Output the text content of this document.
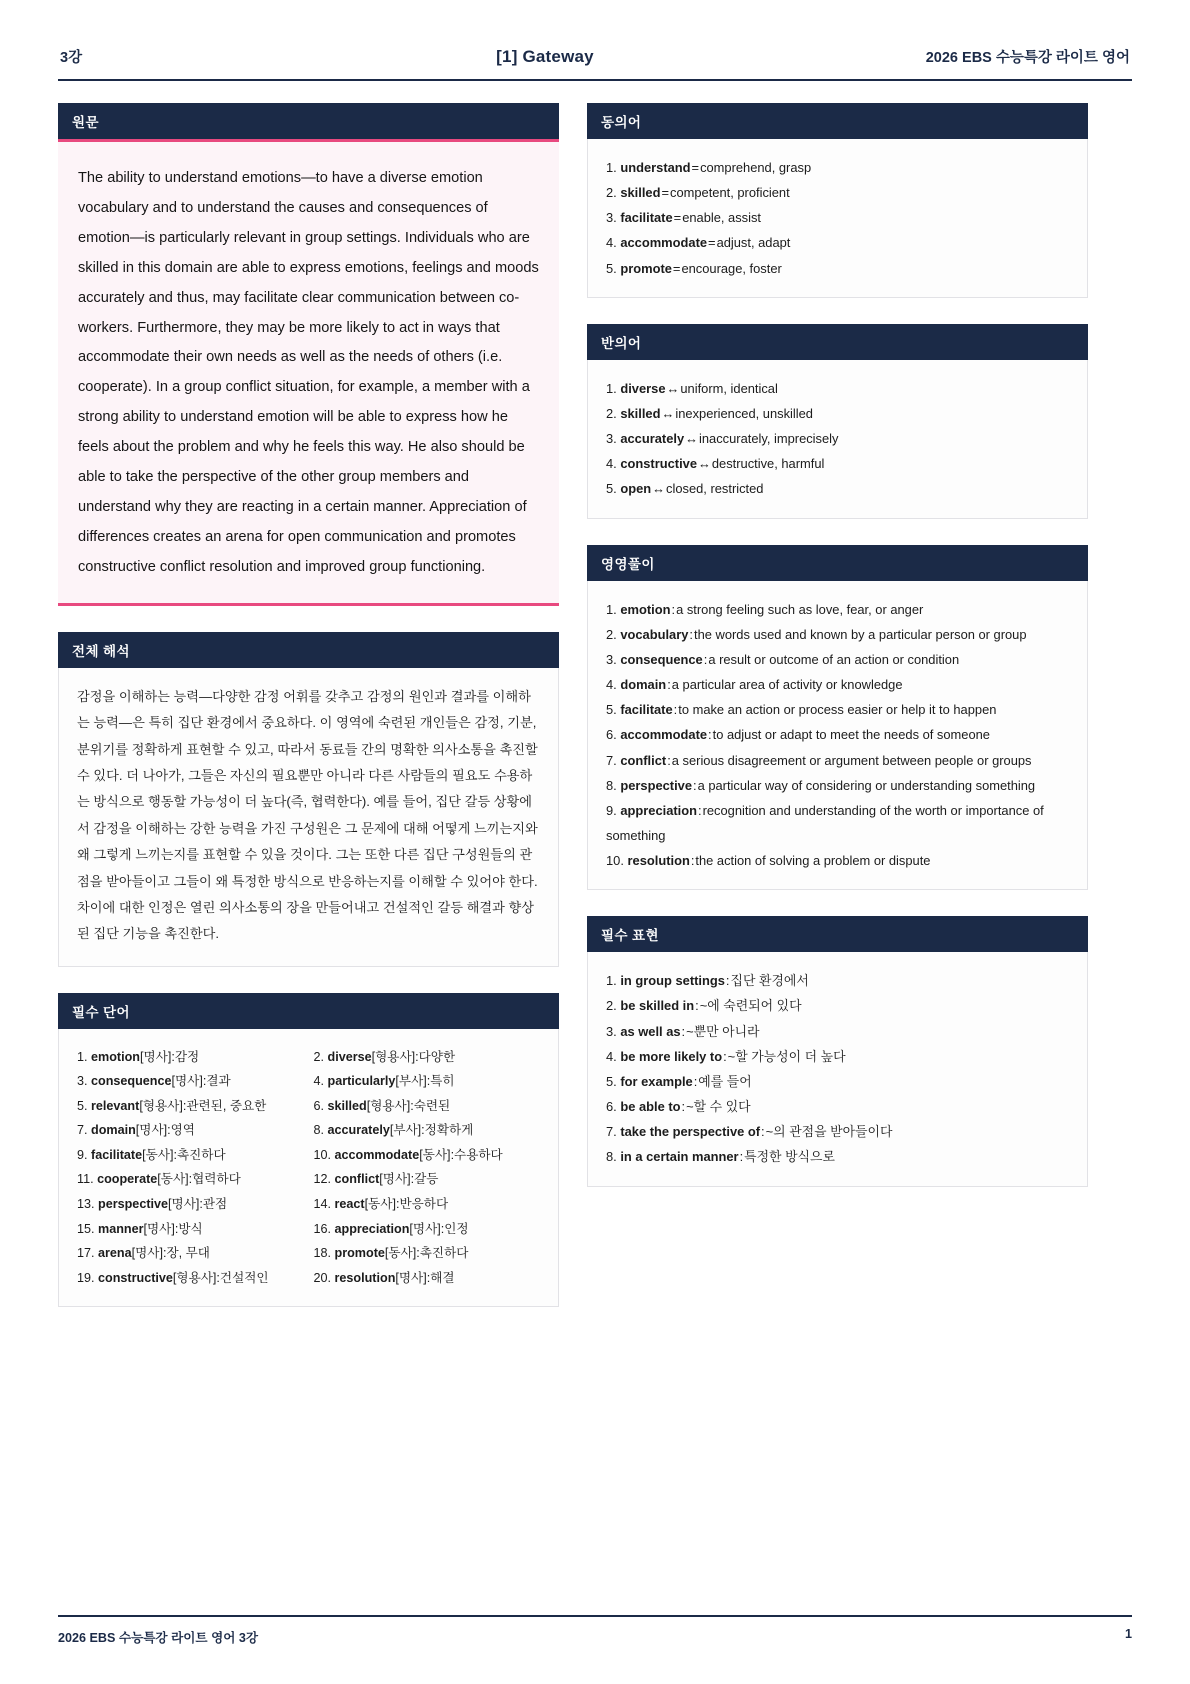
3강	[1] Gateway	2026 EBS 수능특강 라이트 영어
원문
The ability to understand emotions—to have a diverse emotion vocabulary and to understand the causes and consequences of emotion—is particularly relevant in group settings. Individuals who are skilled in this domain are able to express emotions, feelings and moods accurately and thus, may facilitate clear communication between co-workers. Furthermore, they may be more likely to act in ways that accommodate their own needs as well as the needs of others (i.e. cooperate). In a group conflict situation, for example, a member with a strong ability to understand emotion will be able to express how he feels about the problem and why he feels this way. He also should be able to take the perspective of the other group members and understand why they are reacting in a certain manner. Appreciation of differences creates an arena for open communication and promotes constructive conflict resolution and improved group functioning.
전체 해석
감정을 이해하는 능력—다양한 감정 어휘를 갖추고 감정의 원인과 결과를 이해하는 능력—은 특히 집단 환경에서 중요하다. 이 영역에 숙련된 개인들은 감정, 기분, 분위기를 정확하게 표현할 수 있고, 따라서 동료들 간의 명확한 의사소통을 촉진할 수 있다. 더 나아가, 그들은 자신의 필요뿐만 아니라 다른 사람들의 필요도 수용하는 방식으로 행동할 가능성이 더 높다(즉, 협력한다). 예를 들어, 집단 갈등 상황에서 감정을 이해하는 강한 능력을 가진 구성원은 그 문제에 대해 어떻게 느끼는지와 왜 그렇게 느끼는지를 표현할 수 있을 것이다. 그는 또한 다른 집단 구성원들의 관점을 받아들이고 그들이 왜 특정한 방식으로 반응하는지를 이해할 수 있어야 한다. 차이에 대한 인정은 열린 의사소통의 장을 만들어내고 건설적인 갈등 해결과 향상된 집단 기능을 촉진한다.
필수 단어
1. emotion[명사]:감정	2. diverse[형용사]:다양한
3. consequence[명사]:결과	4. particularly[부사]:특히
5. relevant[형용사]:관련된, 중요한	6. skilled[형용사]:숙련된
7. domain[명사]:영역	8. accurately[부사]:정확하게
9. facilitate[동사]:촉진하다	10. accommodate[동사]:수용하다
11. cooperate[동사]:협력하다	12. conflict[명사]:갈등
13. perspective[명사]:관점	14. react[동사]:반응하다
15. manner[명사]:방식	16. appreciation[명사]:인정
17. arena[명사]:장, 무대	18. promote[동사]:촉진하다
19. constructive[형용사]:건설적인	20. resolution[명사]:해결
동의어
1. understand=comprehend, grasp
2. skilled=competent, proficient
3. facilitate=enable, assist
4. accommodate=adjust, adapt
5. promote=encourage, foster
반의어
1. diverse↔uniform, identical
2. skilled↔inexperienced, unskilled
3. accurately↔inaccurately, imprecisely
4. constructive↔destructive, harmful
5. open↔closed, restricted
영영풀이
1. emotion:a strong feeling such as love, fear, or anger
2. vocabulary:the words used and known by a particular person or group
3. consequence:a result or outcome of an action or condition
4. domain:a particular area of activity or knowledge
5. facilitate:to make an action or process easier or help it to happen
6. accommodate:to adjust or adapt to meet the needs of someone
7. conflict:a serious disagreement or argument between people or groups
8. perspective:a particular way of considering or understanding something
9. appreciation:recognition and understanding of the worth or importance of something
10. resolution:the action of solving a problem or dispute
필수 표현
1. in group settings:집단 환경에서
2. be skilled in:~에 숙련되어 있다
3. as well as:~뿐만 아니라
4. be more likely to:~할 가능성이 더 높다
5. for example:예를 들어
6. be able to:~할 수 있다
7. take the perspective of:~의 관점을 받아들이다
8. in a certain manner:특정한 방식으로
2026 EBS 수능특강 라이트 영어 3강	1
